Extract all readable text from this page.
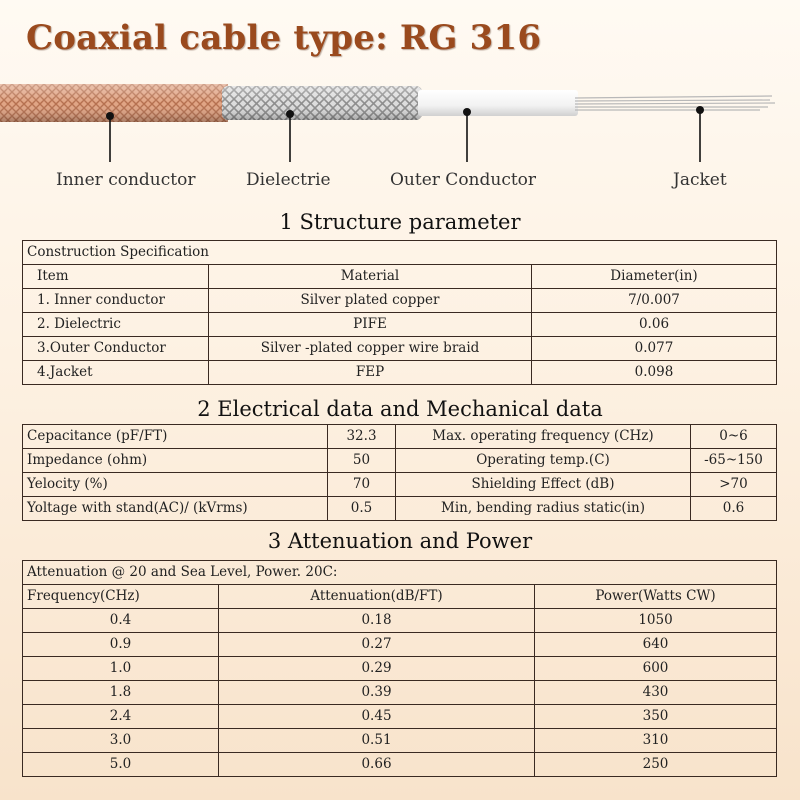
Coaxial cable type: RG 316
Inner conductor	Dielectrie	Outer Conductor	Jacket
1 Structure parameter
Construction Specification		
Item	Material	Diameter(in)
1. Inner conductor	Silver plated copper	7/0.007
2. Dielectric	PIFE	0.06
3.Outer Conductor	Silver -plated copper wire braid	0.077
4.Jacket	FEP	0.098
2 Electrical data and Mechanical data
Cepacitance (pF/FT)	32.3	Max. operating frequency (CHz)	0~6
Impedance (ohm)	50	Operating temp.(C)	-65~150
Yelocity (%)	70	Shielding Effect (dB)	>70
Yoltage with stand(AC)/ (kVrms)	0.5	Min, bending radius static(in)	0.6
3 Attenuation and Power
Attenuation @ 20 and Sea Level, Power. 20C:		
Frequency(CHz)	Attenuation(dB/FT)	Power(Watts CW)
0.4	0.18	1050
0.9	0.27	640
1.0	0.29	600
1.8	0.39	430
2.4	0.45	350
3.0	0.51	310
5.0	0.66	250
